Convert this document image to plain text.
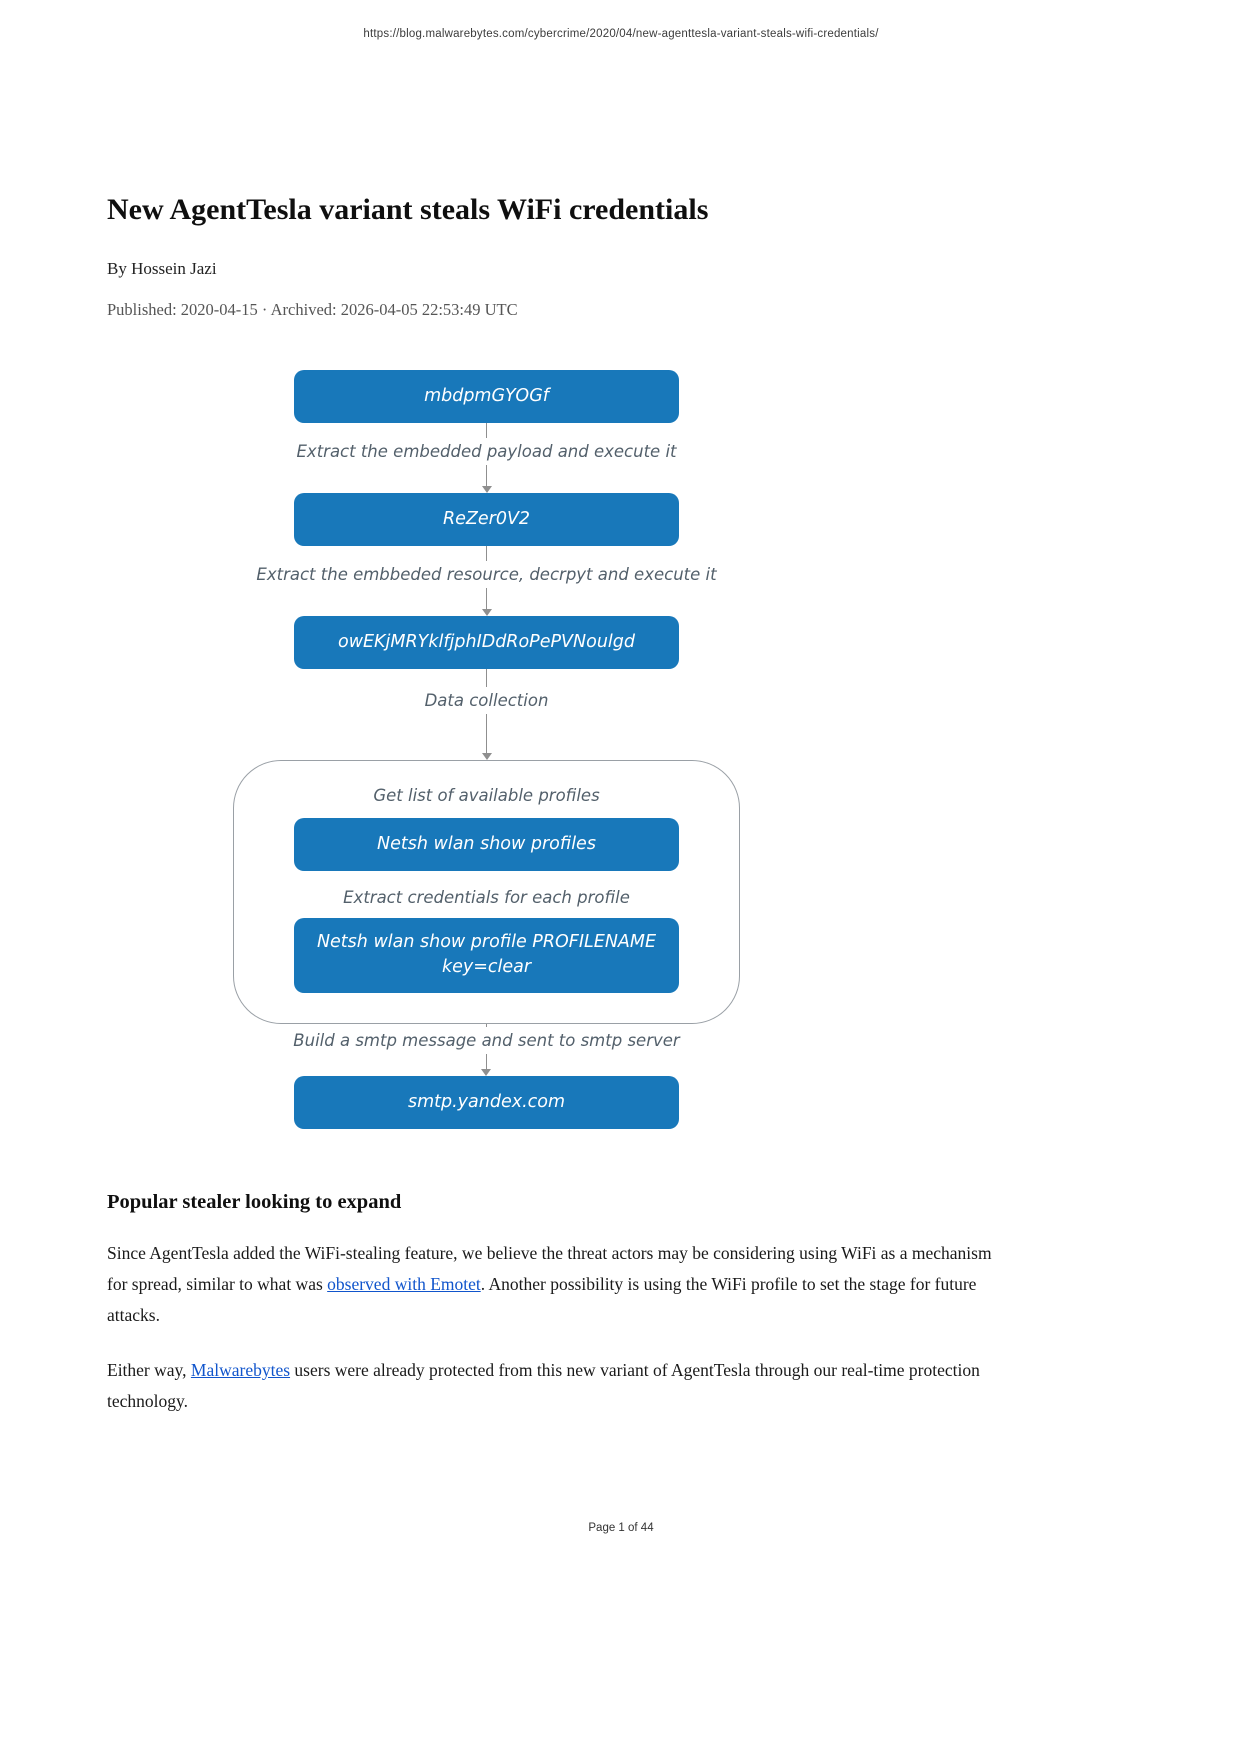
https://blog.malwarebytes.com/cybercrime/2020/04/new-agenttesla-variant-steals-wifi-credentials/
New AgentTesla variant steals WiFi credentials
By Hossein Jazi
Published: 2020-04-15 · Archived: 2026-04-05 22:53:49 UTC
mbdpmGYOGf
Extract the embedded payload and execute it
ReZer0V2
Extract the embbeded resource, decrpyt and execute it
owEKjMRYklfjphIDdRoPePVNoulgd
Data collection
Get list of available profiles
Netsh wlan show profiles
Extract credentials for each profile
Netsh wlan show profile PROFILENAME key=clear
Build a smtp message and sent to smtp server
smtp.yandex.com
Popular stealer looking to expand

Since AgentTesla added the WiFi-stealing feature, we believe the threat actors may be considering using WiFi as a mechanism for spread, similar to what was observed with Emotet. Another possibility is using the WiFi profile to set the stage for future attacks.

Either way, Malwarebytes users were already protected from this new variant of AgentTesla through our real-time protection technology.

Page 1 of 44
